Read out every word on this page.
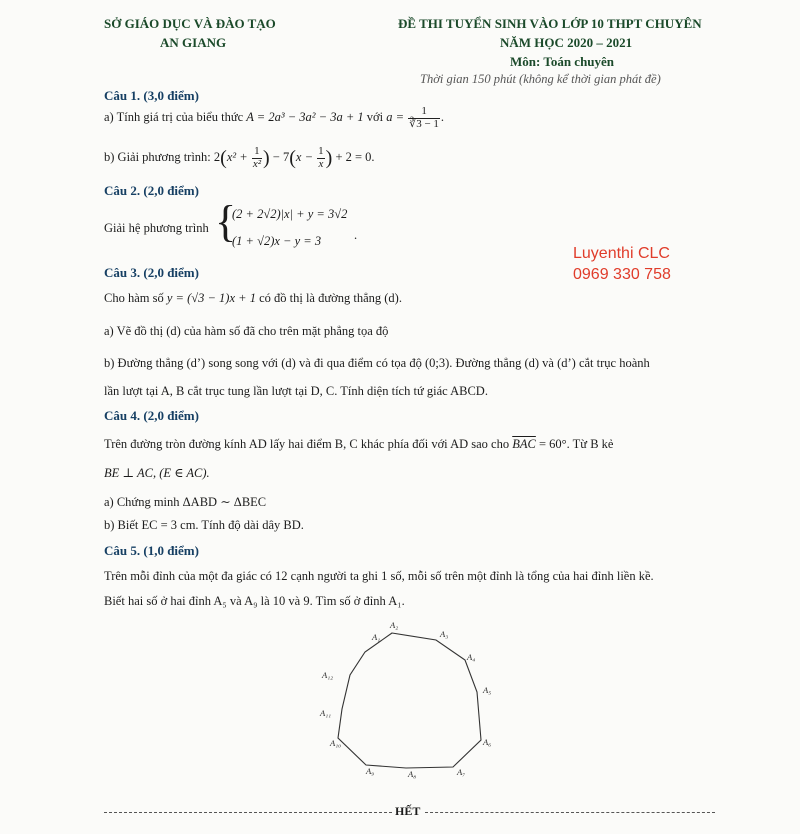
SỞ GIÁO DỤC VÀ ĐÀO TẠO
AN GIANG
ĐỀ THI TUYỂN SINH VÀO LỚP 10 THPT CHUYÊN
NĂM HỌC 2020 – 2021
Môn: Toán chuyên
Thời gian 150 phút (không kể thời gian phát đề)
Luyenthi CLC
0969 330 758
Câu 1. (3,0 điểm)
a) Tính giá trị của biểu thức A = 2a³ − 3a² − 3a + 1 với $a = \frac{1}{∛3 - 1}$ .
b) Giải phương trình: $2(x^2 + \frac{1}{\text{x²}}$ ) − $7(x - \frac{1}{x}$ ) + 2 = 0.
Câu 2. (2,0 điểm)
Giải hệ phương trình {
(2 + 2√2)|x| + y = 3√2
(1 + √2)x − y = 3	.
Câu 3. (2,0 điểm)
Cho hàm số y = (√3 − 1)x + 1 có đồ thị là đường thẳng (d).
a) Vẽ đồ thị (d) của hàm số đã cho trên mặt phẳng tọa độ
b) Đường thẳng (d’) song song với (d) và đi qua điểm có tọa độ (0;3). Đường thẳng (d) và (d’) cắt trục hoành
lần lượt tại A, B cắt trục tung lần lượt tại D, C. Tính diện tích tứ giác ABCD.
Câu 4. (2,0 điểm)
Trên đường tròn đường kính AD lấy hai điểm B, C khác phía đối với AD sao cho $\overline{BAC} = 60^\circ$. Từ B kẻ
BE ⊥ AC, (E ∈ AC).
a) Chứng minh ΔABD ∼ ΔBEC
b) Biết EC = 3 cm. Tính độ dài dây BD.
Câu 5. (1,0 điểm)
Trên mỗi đỉnh của một đa giác có 12 cạnh người ta ghi 1 số, mỗi số trên một đỉnh là tổng của hai đỉnh liền kề.
Biết hai số ở hai đỉnh A₅ và A₉ là 10 và 9. Tìm số ở đỉnh A₁.
A₁
A₂
A₃
A₄
A₅
A₆
A₇
A₈
A₉
A₁₀
A₁₁
A₁₂
HẾT
